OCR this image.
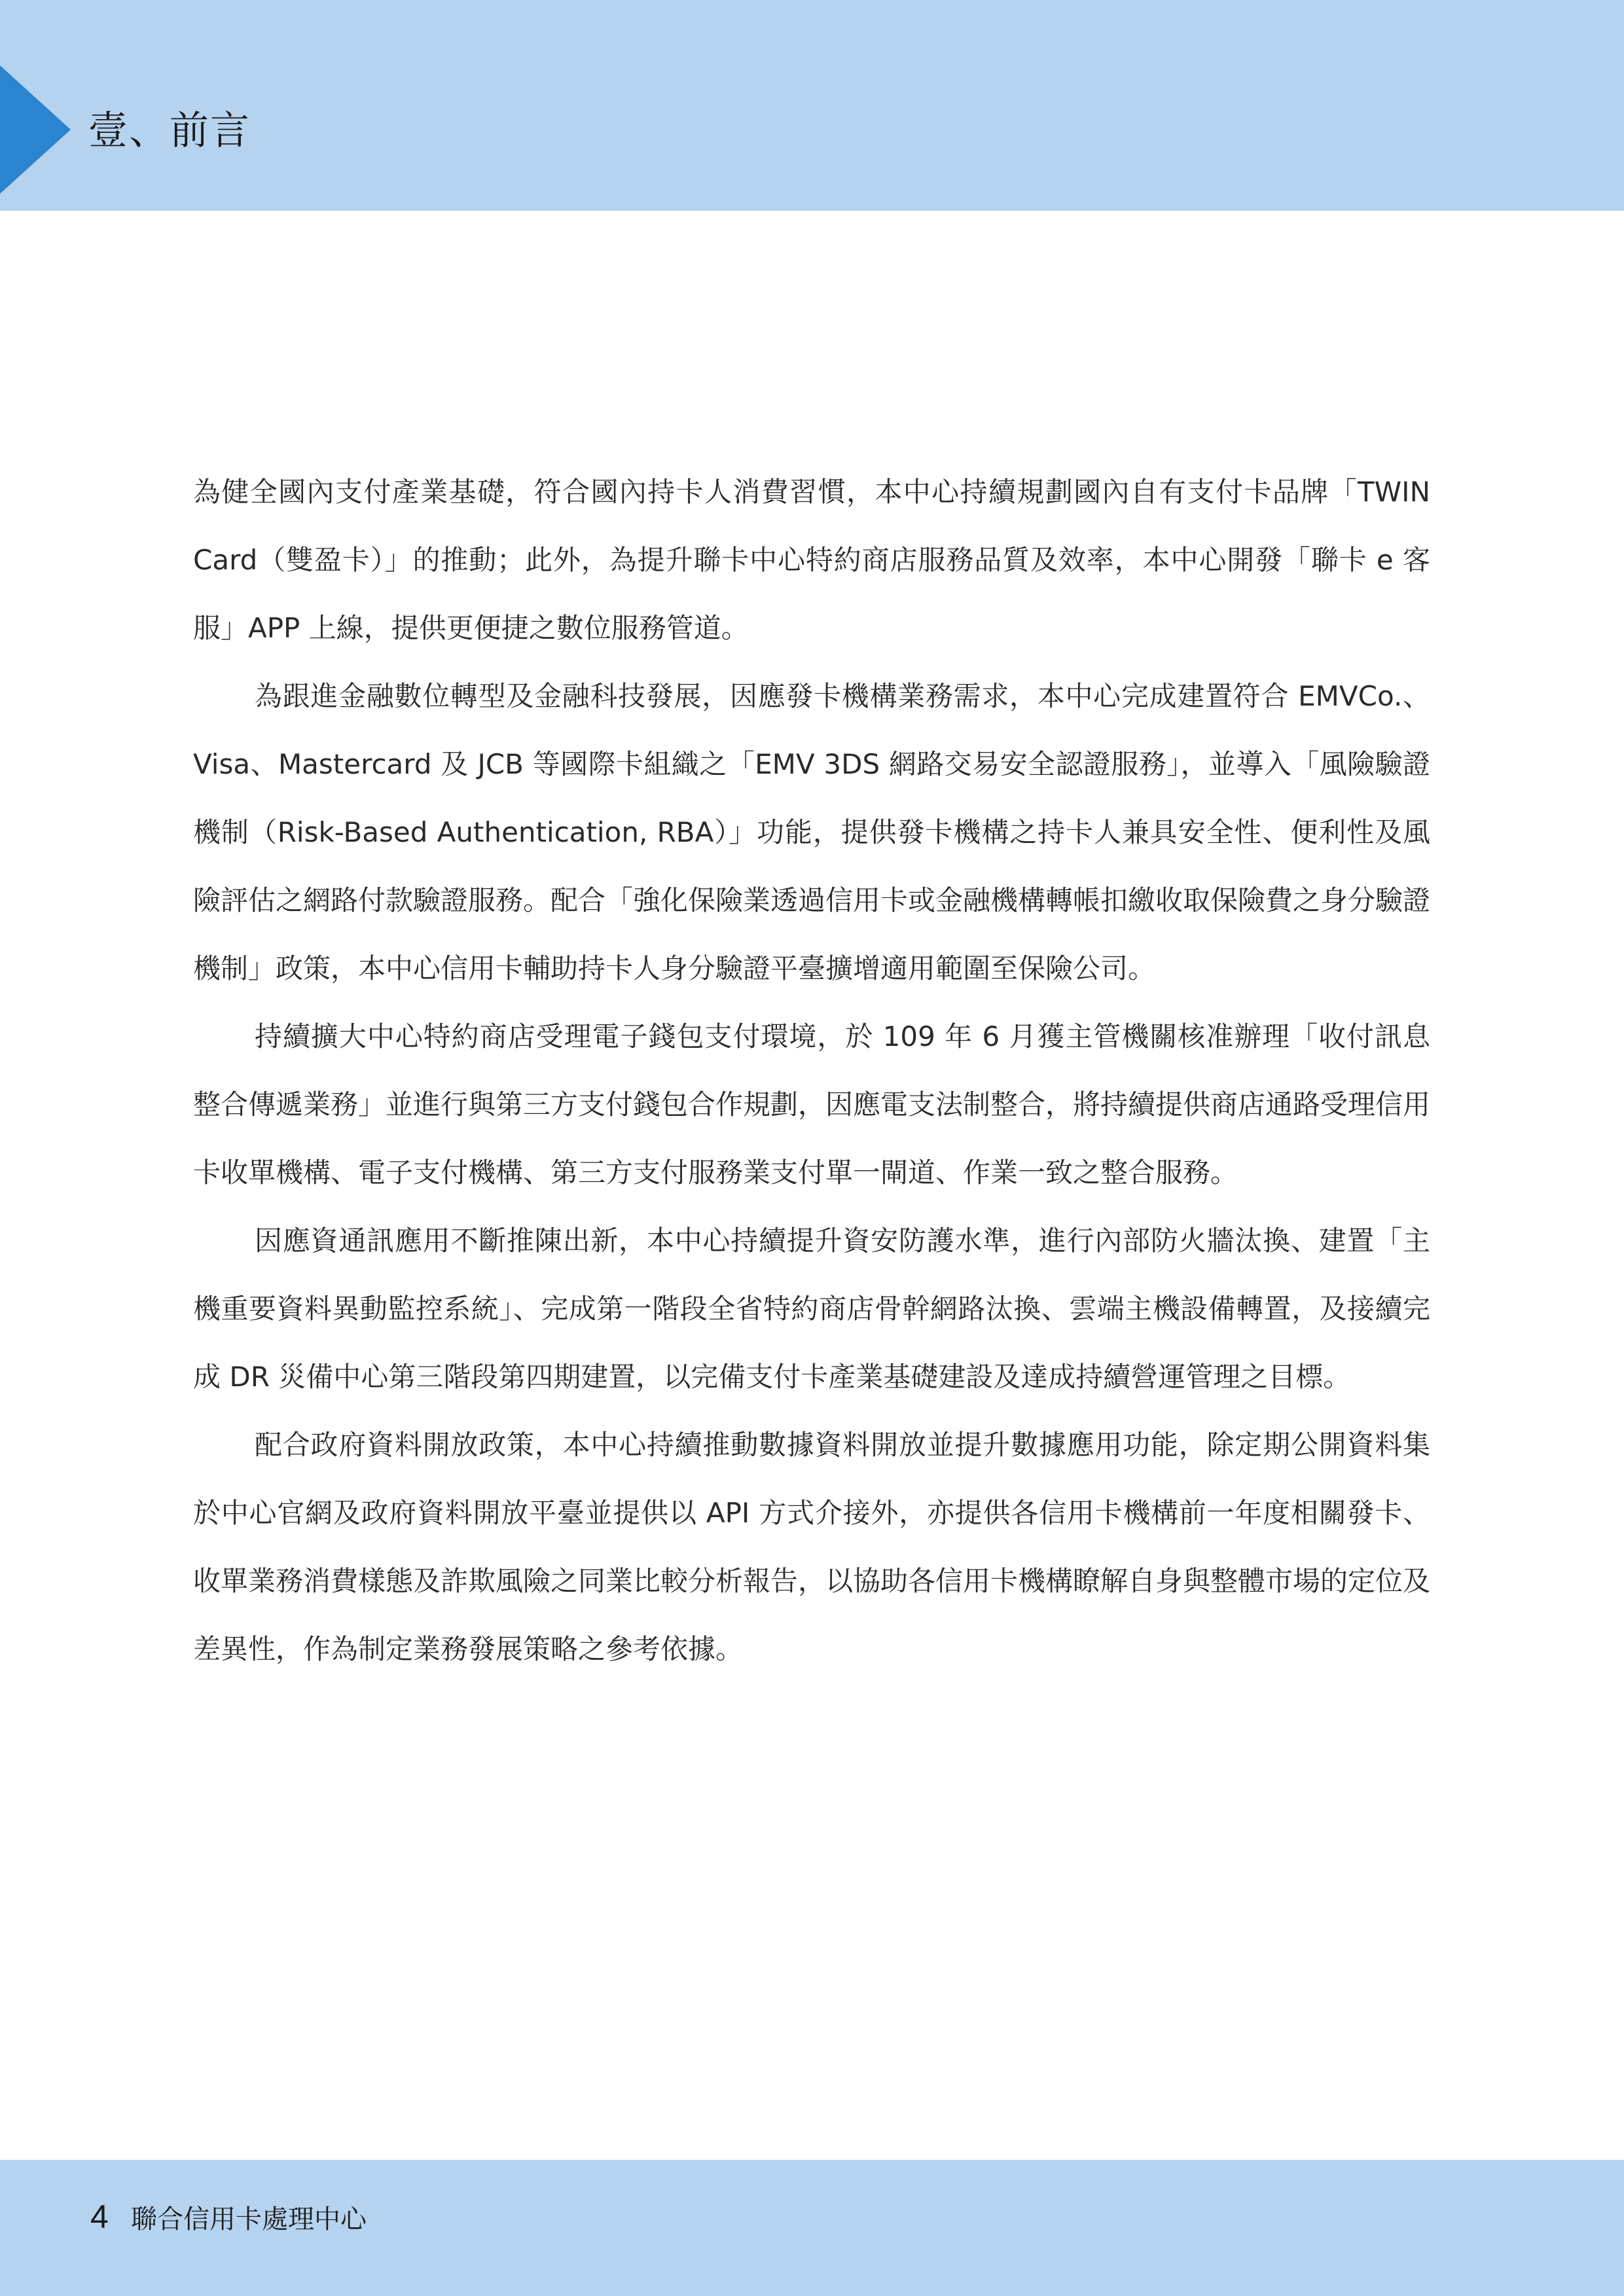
壹、前言

為健全國內支付產業基礎，符合國內持卡人消費習慣，本中心持續規劃國內自有支付卡品牌「TWIN Card（雙盈卡）」的推動；此外，為提升聯卡中心特約商店服務品質及效率，本中心開發「聯卡 e 客服」APP 上線，提供更便捷之數位服務管道。

為跟進金融數位轉型及金融科技發展，因應發卡機構業務需求，本中心完成建置符合 EMVCo.、Visa、Mastercard 及 JCB 等國際卡組織之「EMV 3DS 網路交易安全認證服務」，並導入「風險驗證機制（Risk-Based Authentication, RBA）」功能，提供發卡機構之持卡人兼具安全性、便利性及風險評估之網路付款驗證服務。配合「強化保險業透過信用卡或金融機構轉帳扣繳收取保險費之身分驗證機制」政策，本中心信用卡輔助持卡人身分驗證平臺擴增適用範圍至保險公司。

持續擴大中心特約商店受理電子錢包支付環境，於 109 年 6 月獲主管機關核准辦理「收付訊息整合傳遞業務」並進行與第三方支付錢包合作規劃，因應電支法制整合，將持續提供商店通路受理信用卡收單機構、電子支付機構、第三方支付服務業支付單一閘道、作業一致之整合服務。

因應資通訊應用不斷推陳出新，本中心持續提升資安防護水準，進行內部防火牆汰換、建置「主機重要資料異動監控系統」、完成第一階段全省特約商店骨幹網路汰換、雲端主機設備轉置，及接續完成 DR 災備中心第三階段第四期建置，以完備支付卡產業基礎建設及達成持續營運管理之目標。

配合政府資料開放政策，本中心持續推動數據資料開放並提升數據應用功能，除定期公開資料集於中心官網及政府資料開放平臺並提供以 API 方式介接外，亦提供各信用卡機構前一年度相關發卡、收單業務消費樣態及詐欺風險之同業比較分析報告，以協助各信用卡機構瞭解自身與整體市場的定位及差異性，作為制定業務發展策略之參考依據。

4 聯合信用卡處理中心
